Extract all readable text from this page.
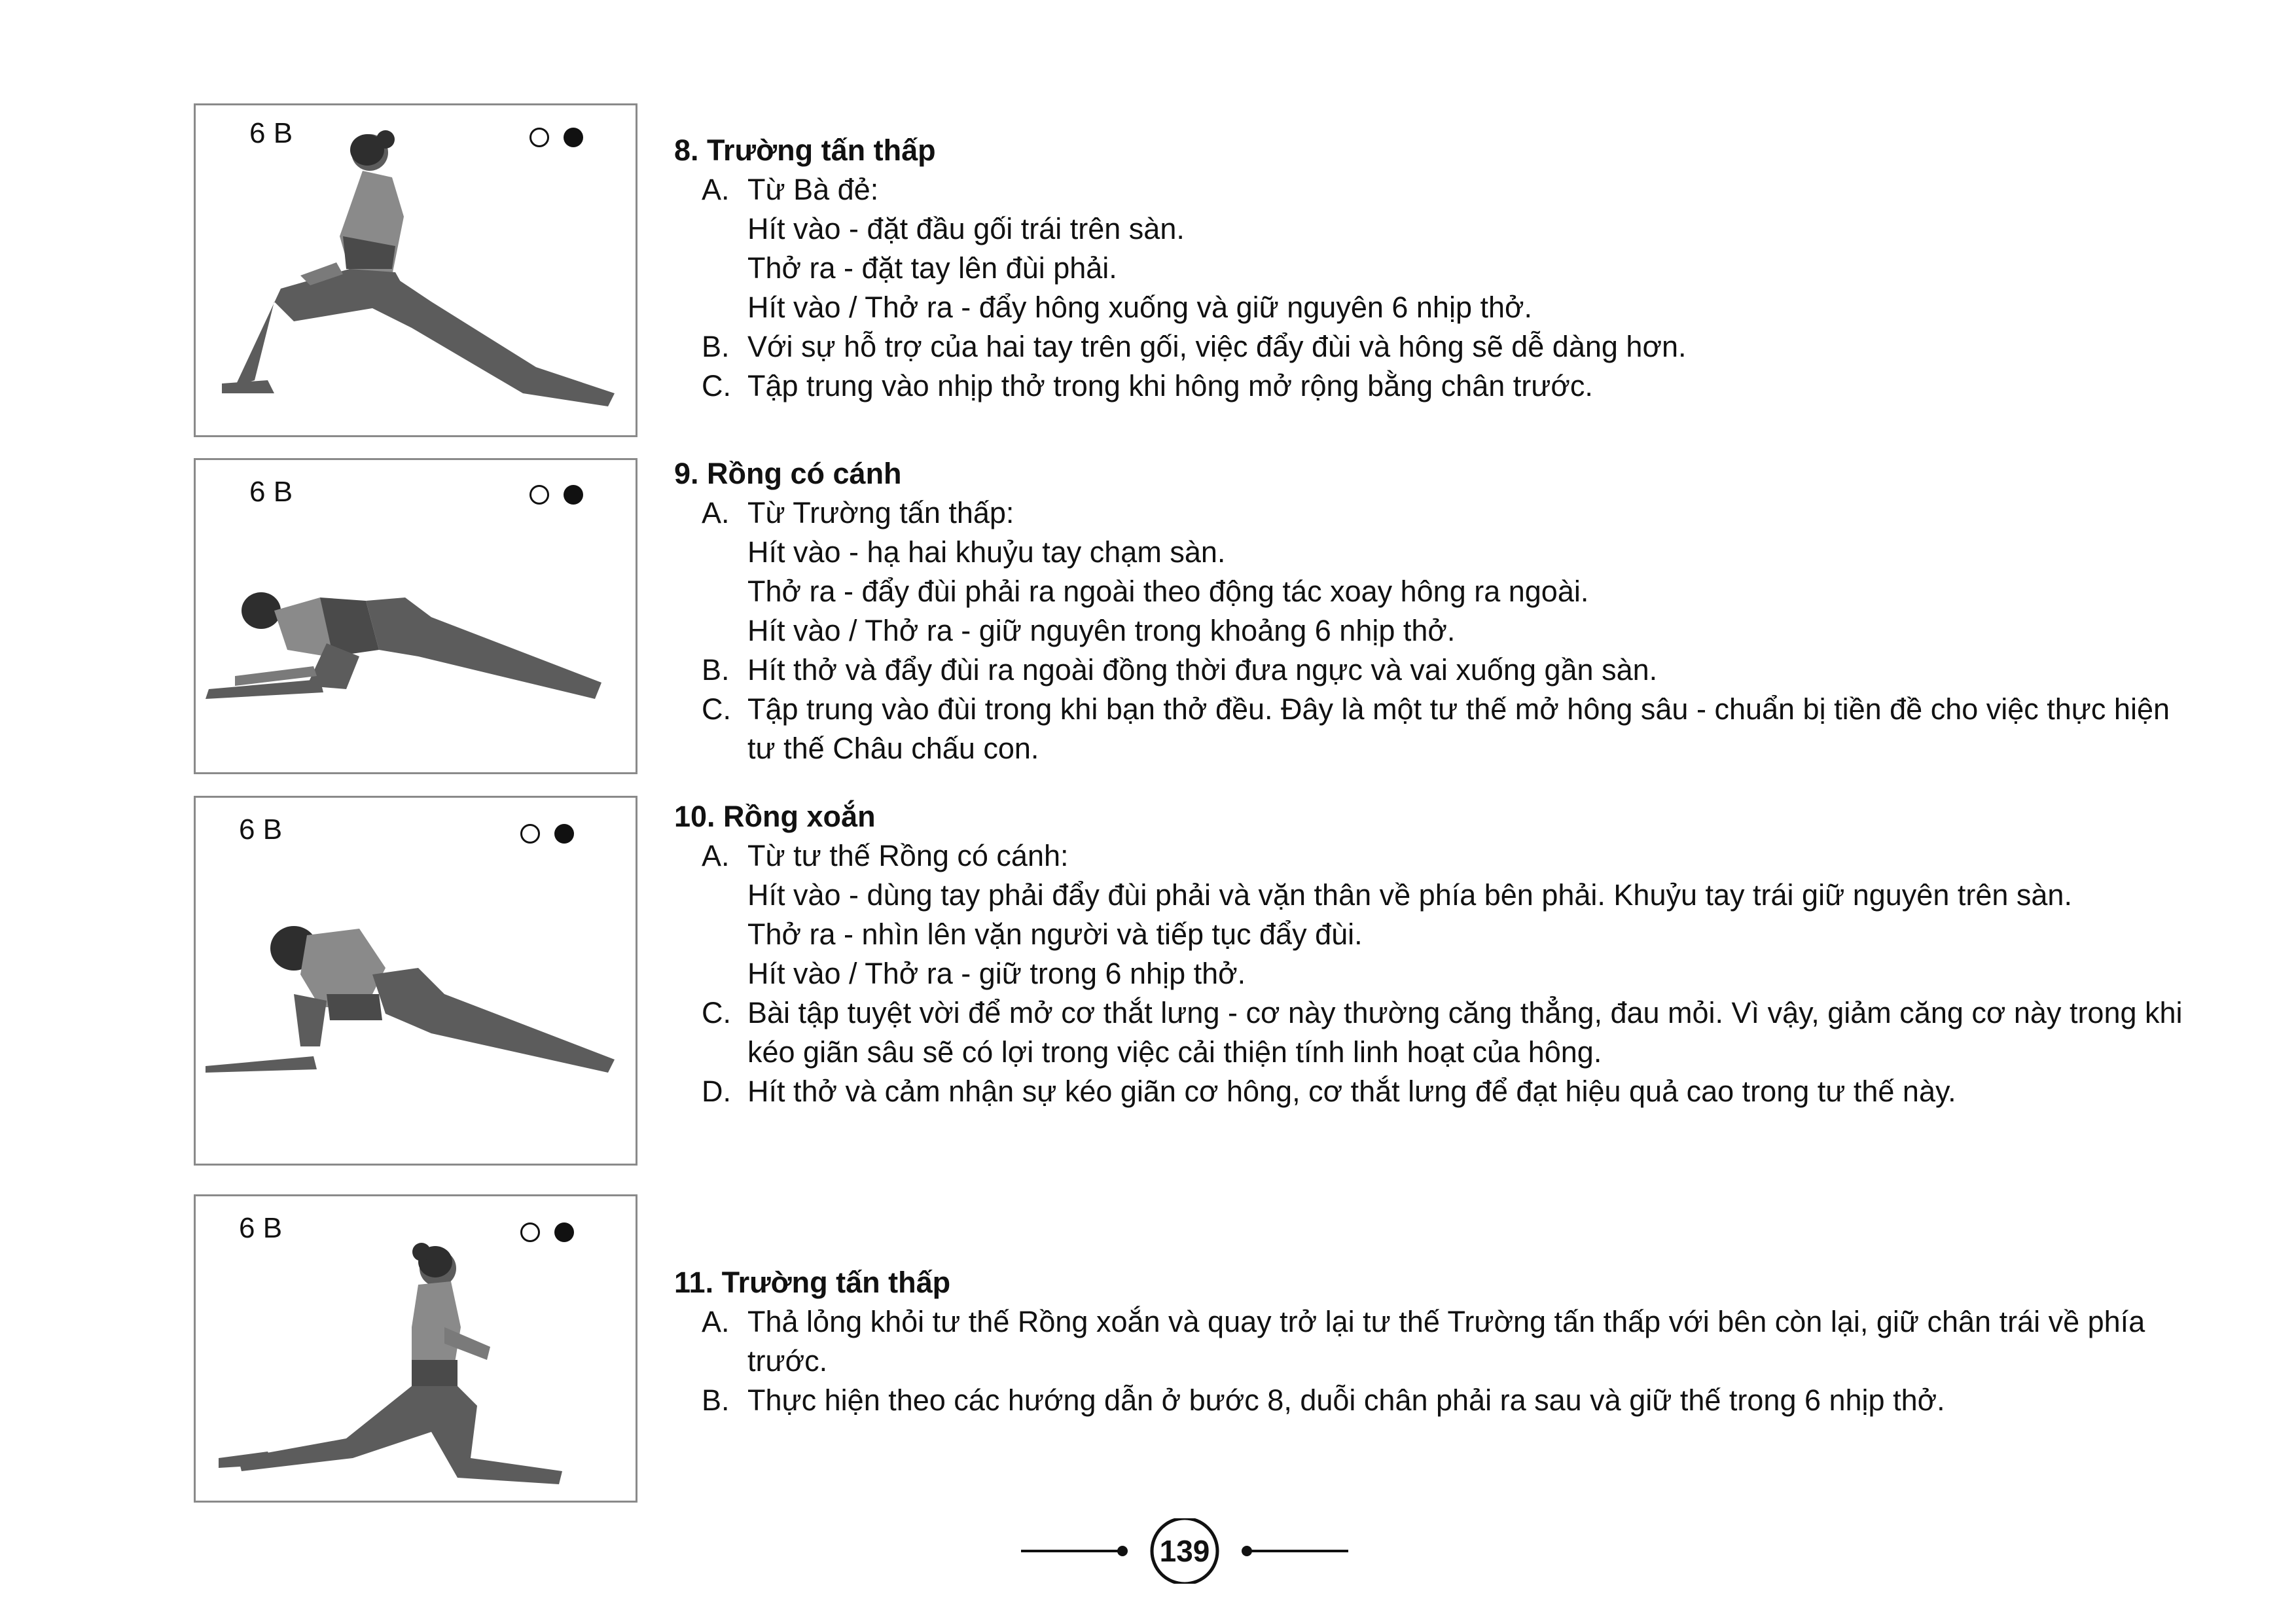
6 B
6 B
6 B
6 B

8. Trường tấn thấp

A. Từ Bà đẻ:

Hít vào - đặt đầu gối trái trên sàn.

Thở ra - đặt tay lên đùi phải.

Hít vào / Thở ra - đẩy hông xuống và giữ nguyên 6 nhịp thở.

B. Với sự hỗ trợ của hai tay trên gối, việc đẩy đùi và hông sẽ dễ dàng hơn.
C. Tập trung vào nhịp thở trong khi hông mở rộng bằng chân trước.

9. Rồng có cánh

A. Từ Trường tấn thấp:

Hít vào - hạ hai khuỷu tay chạm sàn.

Thở ra - đẩy đùi phải ra ngoài theo động tác xoay hông ra ngoài.

Hít vào / Thở ra - giữ nguyên trong khoảng 6 nhịp thở.

B. Hít thở và đẩy đùi ra ngoài đồng thời đưa ngực và vai xuống gần sàn.
C. Tập trung vào đùi trong khi bạn thở đều. Đây là một tư thế mở hông sâu - chuẩn bị tiền đề cho việc thực hiện tư thế Châu chấu con.

10. Rồng xoắn

A. Từ tư thế Rồng có cánh:

Hít vào - dùng tay phải đẩy đùi phải và vặn thân về phía bên phải. Khuỷu tay trái giữ nguyên trên sàn.

Thở ra - nhìn lên vặn người và tiếp tục đẩy đùi.

Hít vào / Thở ra - giữ trong 6 nhịp thở.

C. Bài tập tuyệt vời để mở cơ thắt lưng - cơ này thường căng thẳng, đau mỏi. Vì vậy, giảm căng cơ này trong khi kéo giãn sâu sẽ có lợi trong việc cải thiện tính linh hoạt của hông.
D. Hít thở và cảm nhận sự kéo giãn cơ hông, cơ thắt lưng để đạt hiệu quả cao trong tư thế này.

11. Trường tấn thấp

A. Thả lỏng khỏi tư thế Rồng xoắn và quay trở lại tư thế Trường tấn thấp với bên còn lại, giữ chân trái về phía trước.
B. Thực hiện theo các hướng dẫn ở bước 8, duỗi chân phải ra sau và giữ thế trong 6 nhịp thở.
139
